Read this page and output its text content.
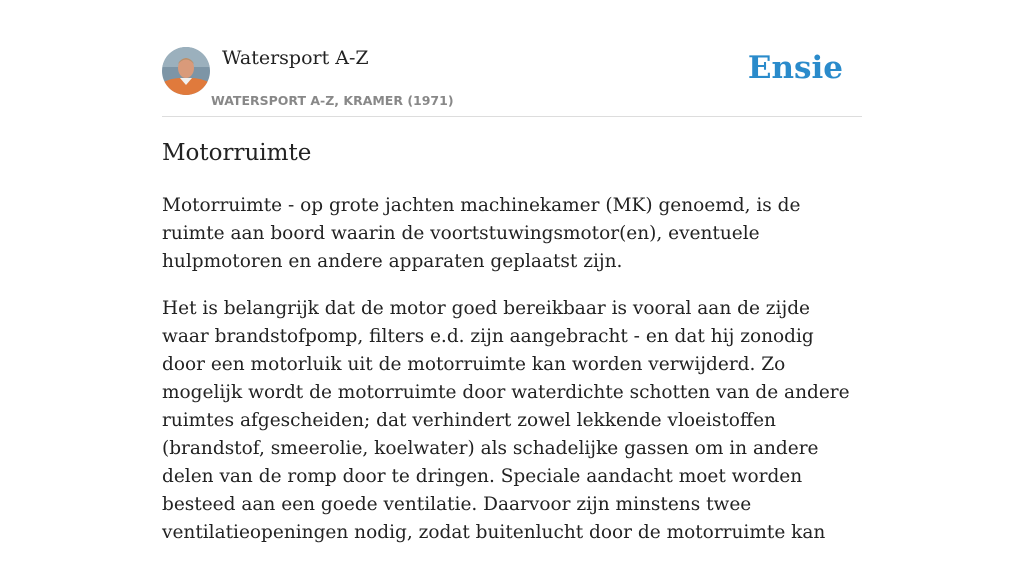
Watersport A-Z
WATERSPORT A-Z, KRAMER (1971)
Ensie
Motorruimte

Motorruimte - op grote jachten machinekamer (MK) genoemd, is de ruimte aan boord waarin de voortstuwingsmotor(en), eventuele hulpmotoren en andere apparaten geplaatst zijn.

Het is belangrijk dat de motor goed bereikbaar is vooral aan de zijde waar brandstofpomp, filters e.d. zijn aangebracht - en dat hij zonodig door een motorluik uit de motorruimte kan worden verwijderd. Zo mogelijk wordt de motorruimte door waterdichte schotten van de andere ruimtes afgescheiden; dat verhindert zowel lekkende vloeistoffen (brandstof, smeerolie, koelwater) als schadelijke gassen om in andere delen van de romp door te dringen. Speciale aandacht moet worden besteed aan een goede ventilatie. Daarvoor zijn minstens twee ventilatieopeningen nodig, zodat buitenlucht door de motorruimte kan
